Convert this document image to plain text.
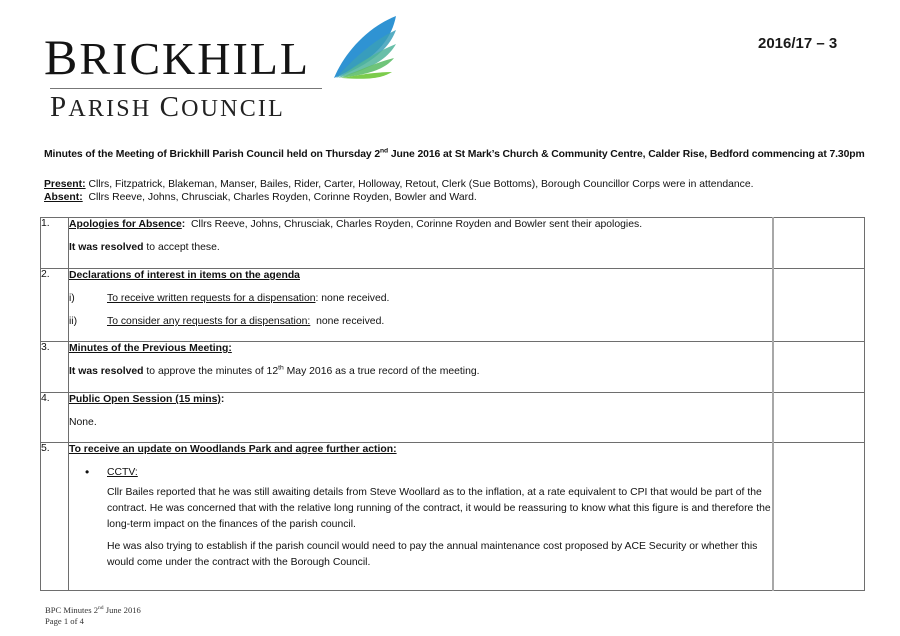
BRICKHILL
PARISH COUNCIL
2016/17 – 3
Minutes of the Meeting of Brickhill Parish Council held on Thursday 2nd June 2016 at St Mark’s Church & Community Centre, Calder Rise, Bedford commencing at 7.30pm
Present: Cllrs, Fitzpatrick, Blakeman, Manser, Bailes, Rider, Carter, Holloway, Retout, Clerk (Sue Bottoms), Borough Councillor Corps were in attendance.
Absent:  Cllrs Reeve, Johns, Chrusciak, Charles Royden, Corinne Royden, Bowler and Ward.
1.	Apologies for Absence:  Cllrs Reeve, Johns, Chrusciak, Charles Royden, Corinne Royden and Bowler sent their apologies.
It was resolved to accept these.	

2.	Declarations of interest in items on the agenda
i) To receive written requests for a dispensation: none received.
ii) To consider any requests for a dispensation:  none received.	

3.	Minutes of the Previous Meeting:
It was resolved to approve the minutes of 12th May 2016 as a true record of the meeting.	

4.	Public Open Session (15 mins):
None.	

5.	To receive an update on Woodlands Park and agree further action:
• CCTV:
Cllr Bailes reported that he was still awaiting details from Steve Woollard as to the inflation, at a rate equivalent to CPI that would be part of the contract. He was concerned that with the relative long running of the contract, it would be reassuring to know what this figure is and therefore the long-term impact on the finances of the parish council.
He was also trying to establish if the parish council would need to pay the annual maintenance cost proposed by ACE Security or whether this would come under the contract with the Borough Council.	

BPC Minutes 2nd June 2016
Page 1 of 4
